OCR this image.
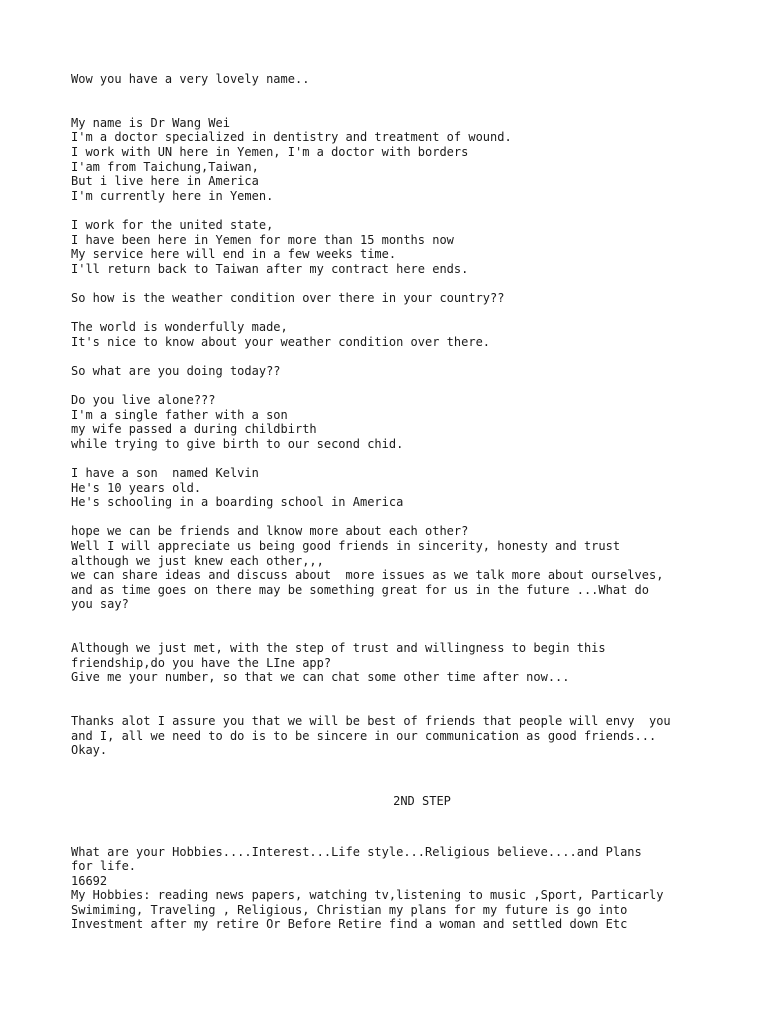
Wow you have a very lovely name..
My name is Dr Wang Wei
I'm a doctor specialized in dentistry and treatment of wound.
I work with UN here in Yemen, I'm a doctor with borders
I'am from Taichung,Taiwan,
But i live here in America
I'm currently here in Yemen.
I work for the united state,
I have been here in Yemen for more than 15 months now
My service here will end in a few weeks time.
I'll return back to Taiwan after my contract here ends.
So how is the weather condition over there in your country??
The world is wonderfully made,
It's nice to know about your weather condition over there.
So what are you doing today??
Do you live alone???
I'm a single father with a son
my wife passed a during childbirth
while trying to give birth to our second chid.
I have a son  named Kelvin
He's 10 years old.
He's schooling in a boarding school in America
hope we can be friends and lknow more about each other?
Well I will appreciate us being good friends in sincerity, honesty and trust
although we just knew each other,,,
we can share ideas and discuss about  more issues as we talk more about ourselves,
and as time goes on there may be something great for us in the future ...What do
you say?
Although we just met, with the step of trust and willingness to begin this
friendship,do you have the LIne app?
Give me your number, so that we can chat some other time after now...
Thanks alot I assure you that we will be best of friends that people will envy  you
and I, all we need to do is to be sincere in our communication as good friends...
Okay.
2ND STEP
What are your Hobbies....Interest...Life style...Religious believe....and Plans
for life.
16692
My Hobbies: reading news papers, watching tv,listening to music ,Sport, Particarly
Swimiming, Traveling , Religious, Christian my plans for my future is go into
Investment after my retire Or Before Retire find a woman and settled down Etc
